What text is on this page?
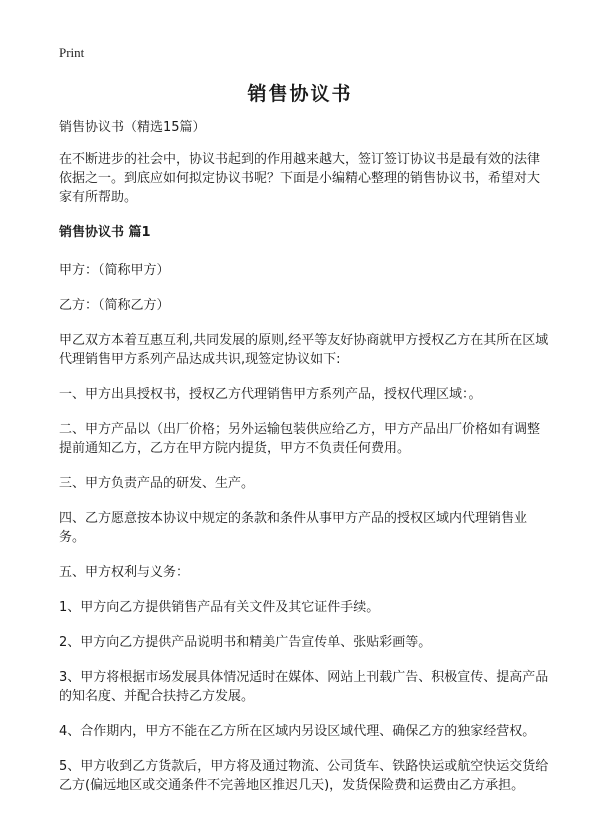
Print
销售协议书

销售协议书（精选15篇）

在不断进步的社会中，协议书起到的作用越来越大，签订签订协议书是最有效的法律依据之一。到底应如何拟定协议书呢？下面是小编精心整理的销售协议书，希望对大家有所帮助。

销售协议书 篇1

甲方：（简称甲方）

乙方：（简称乙方）

甲乙双方本着互惠互利,共同发展的原则,经平等友好协商就甲方授权乙方在其所在区域代理销售甲方系列产品达成共识,现签定协议如下:

一、甲方出具授权书，授权乙方代理销售甲方系列产品，授权代理区域：。

二、甲方产品以（出厂价格；另外运输包装供应给乙方，甲方产品出厂价格如有调整提前通知乙方，乙方在甲方院内提货，甲方不负责任何费用。

三、甲方负责产品的研发、生产。

四、乙方愿意按本协议中规定的条款和条件从事甲方产品的授权区域内代理销售业务。

五、甲方权利与义务：

1、甲方向乙方提供销售产品有关文件及其它证件手续。

2、甲方向乙方提供产品说明书和精美广告宣传单、张贴彩画等。

3、甲方将根据市场发展具体情况适时在媒体、网站上刊载广告、积极宣传、提高产品的知名度、并配合扶持乙方发展。

4、合作期内，甲方不能在乙方所在区域内另设区域代理、确保乙方的独家经营权。

5、甲方收到乙方货款后，甲方将及通过物流、公司货车、铁路快运或航空快运交货给乙方(偏远地区或交通条件不完善地区推迟几天)，发货保险费和运费由乙方承担。
